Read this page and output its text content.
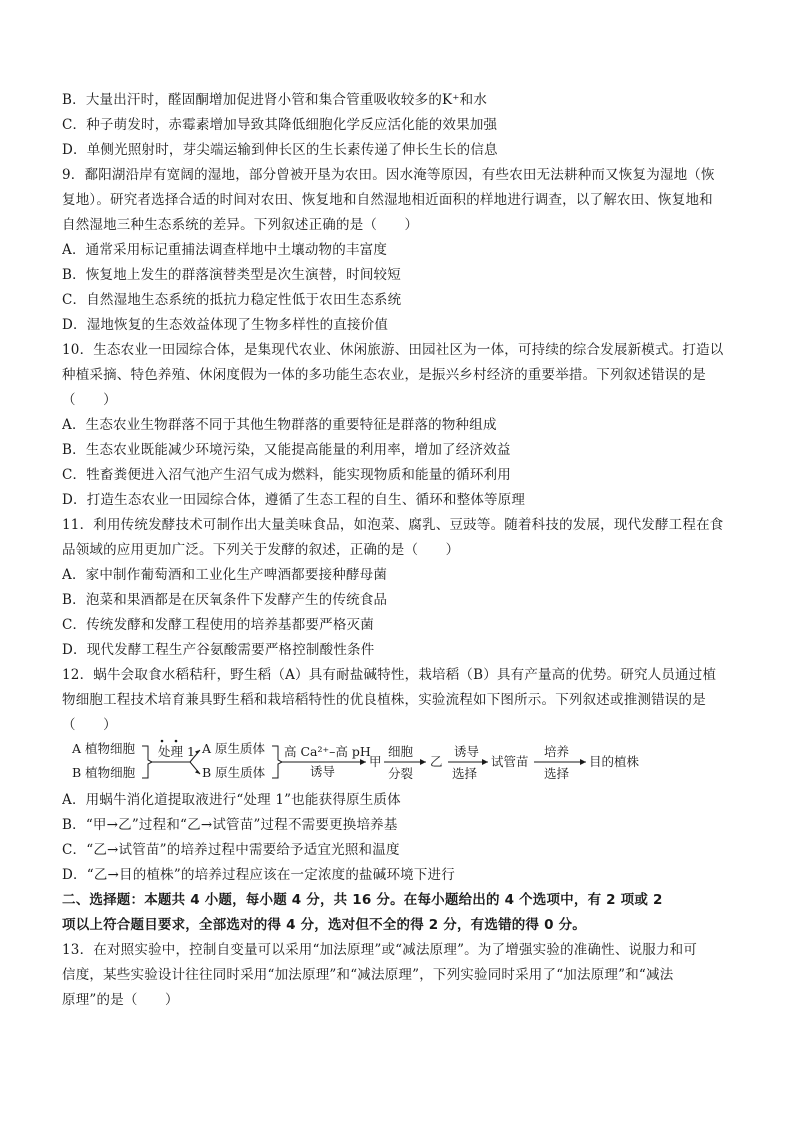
B．大量出汗时，醛固酮增加促进肾小管和集合管重吸收较多的K⁺和水
C．种子萌发时，赤霉素增加导致其降低细胞化学反应活化能的效果加强
D．单侧光照射时，芽尖端运输到伸长区的生长素传递了伸长生长的信息
9．鄱阳湖沿岸有宽阔的湿地，部分曾被开垦为农田。因水淹等原因，有些农田无法耕种而又恢复为湿地（恢
复地）。研究者选择合适的时间对农田、恢复地和自然湿地相近面积的样地进行调查，以了解农田、恢复地和
自然湿地三种生态系统的差异。下列叙述正确的是（　　）
A．通常采用标记重捕法调查样地中土壤动物的丰富度
B．恢复地上发生的群落演替类型是次生演替，时间较短
C．自然湿地生态系统的抵抗力稳定性低于农田生态系统
D．湿地恢复的生态效益体现了生物多样性的直接价值
10．生态农业一田园综合体，是集现代农业、休闲旅游、田园社区为一体，可持续的综合发展新模式。打造以
种植采摘、特色养殖、休闲度假为一体的多功能生态农业，是振兴乡村经济的重要举措。下列叙述错误的是
（　　）
A．生态农业生物群落不同于其他生物群落的重要特征是群落的物种组成
B．生态农业既能减少环境污染，又能提高能量的利用率，增加了经济效益
C．牲畜粪便进入沼气池产生沼气成为燃料，能实现物质和能量的循环利用
D．打造生态农业一田园综合体，遵循了生态工程的自生、循环和整体等原理
11．利用传统发酵技术可制作出大量美味食品，如泡菜、腐乳、豆豉等。随着科技的发展，现代发酵工程在食
品领域的应用更加广泛。下列关于发酵的叙述，正确的是（　　）
A．家中制作葡萄酒和工业化生产啤酒都要接种酵母菌
B．泡菜和果酒都是在厌氧条件下发酵产生的传统食品
C．传统发酵和发酵工程使用的培养基都要严格灭菌
D．现代发酵工程生产谷氨酸需要严格控制酸性条件
12．蜗牛会取食水稻秸秆，野生稻（A）具有耐盐碱特性，栽培稻（B）具有产量高的优势。研究人员通过植
物细胞工程技术培育兼具野生稻和栽培稻特性的优良植株，实验流程如下图所示。下列叙述或推测错误的是
（　　）
A 植物细胞
B 植物细胞
处理 1 A 原生质体
B 原生质体
高 Ca²⁺–高 pH
诱导
甲
细胞
分裂
乙
诱导
选择
试管苗
培养
选择
目的植株
A．用蜗牛消化道提取液进行“处理 1”也能获得原生质体
B．“甲→乙”过程和“乙→试管苗”过程不需要更换培养基
C．“乙→试管苗”的培养过程中需要给予适宜光照和温度
D．“乙→目的植株”的培养过程应该在一定浓度的盐碱环境下进行
二、选择题：本题共 4 小题，每小题 4 分，共 16 分。在每小题给出的 4 个选项中，有 2 项或 2
项以上符合题目要求，全部选对的得 4 分，选对但不全的得 2 分，有选错的得 0 分。
13．在对照实验中，控制自变量可以采用“加法原理”或“减法原理”。为了增强实验的准确性、说服力和可
信度，某些实验设计往往同时采用“加法原理”和“减法原理”，下列实验同时采用了“加法原理”和“减法
原理”的是（　　）
